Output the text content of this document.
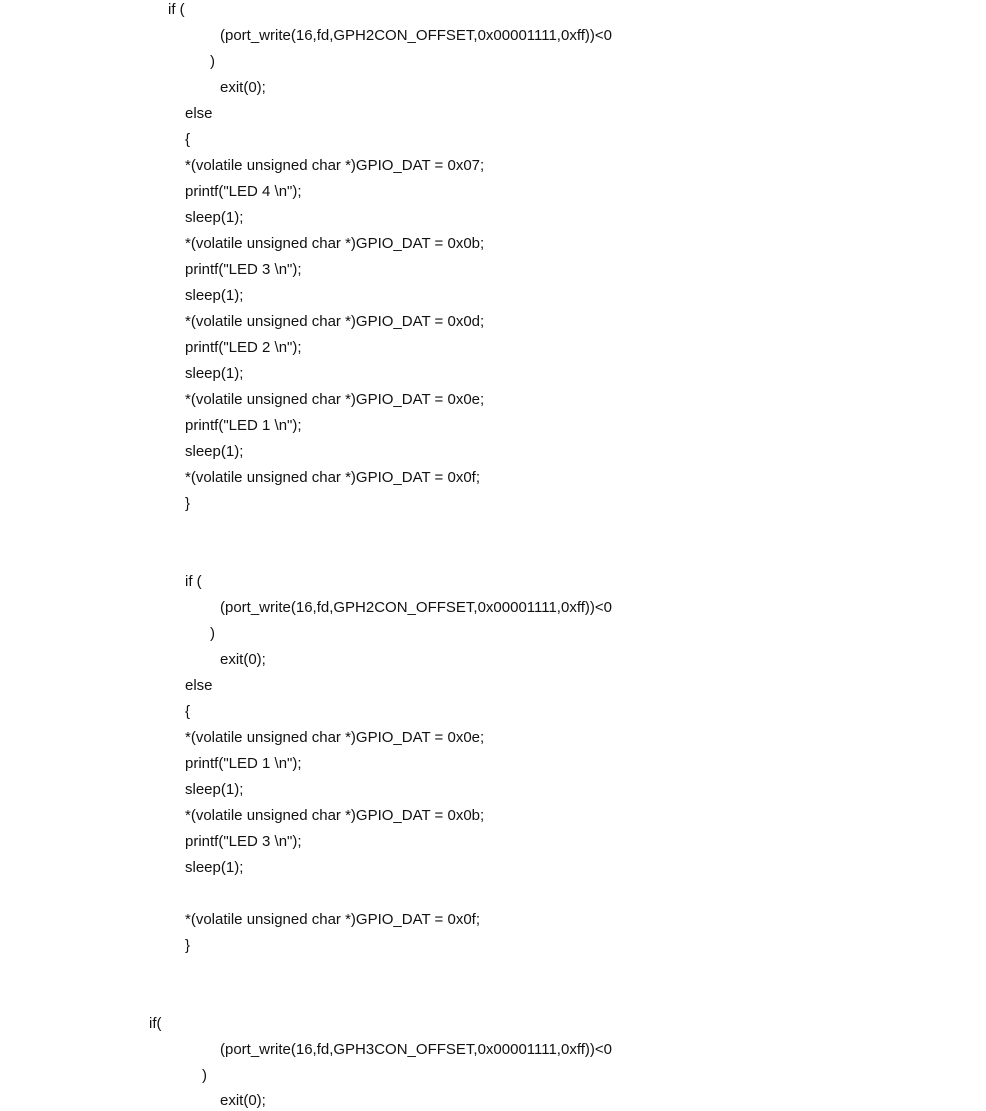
if (
(port_write(16,fd,GPH2CON_OFFSET,0x00001111,0xff))<0
)
exit(0);
else
{
*(volatile unsigned char *)GPIO_DAT = 0x07;
printf("LED 4 \n");
sleep(1);
*(volatile unsigned char *)GPIO_DAT = 0x0b;
printf("LED 3 \n");
sleep(1);
*(volatile unsigned char *)GPIO_DAT = 0x0d;
printf("LED 2 \n");
sleep(1);
*(volatile unsigned char *)GPIO_DAT = 0x0e;
printf("LED 1 \n");
sleep(1);
*(volatile unsigned char *)GPIO_DAT = 0x0f;
}
if (
(port_write(16,fd,GPH2CON_OFFSET,0x00001111,0xff))<0
)
exit(0);
else
{
*(volatile unsigned char *)GPIO_DAT = 0x0e;
printf("LED 1 \n");
sleep(1);
*(volatile unsigned char *)GPIO_DAT = 0x0b;
printf("LED 3 \n");
sleep(1);
*(volatile unsigned char *)GPIO_DAT = 0x0f;
}
if(
(port_write(16,fd,GPH3CON_OFFSET,0x00001111,0xff))<0
)
exit(0);
